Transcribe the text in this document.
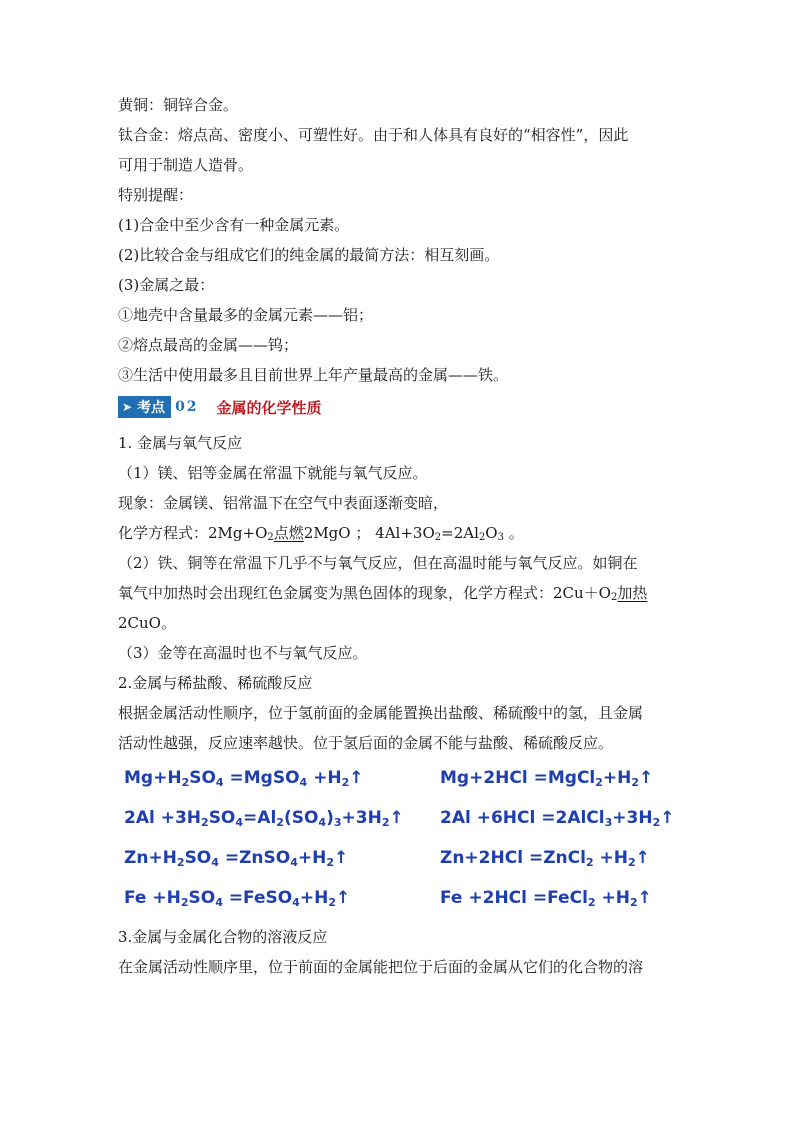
黄铜：铜锌合金。
钛合金：熔点高、密度小、可塑性好。由于和人体具有良好的“相容性”，因此
可用于制造人造骨。
特别提醒：
(1)合金中至少含有一种金属元素。
(2)比较合金与组成它们的纯金属的最简方法：相互刻画。
(3)金属之最：
①地壳中含量最多的金属元素——铝；
②熔点最高的金属——钨；
③生活中使用最多且目前世界上年产量最高的金属——铁。
➤ 考点 02 金属的化学性质
1. 金属与氧气反应
（1）镁、铝等金属在常温下就能与氧气反应。
现象：金属镁、铝常温下在空气中表面逐渐变暗，
化学方程式：$2Mg+O_2$点燃2MgO ； $4Al+3O_2=2Al_2O_3$ 。
（2）铁、铜等在常温下几乎不与氧气反应，但在高温时能与氧气反应。如铜在
氧气中加热时会出现红色金属变为黑色固体的现象，化学方程式：$2Cu+O_2$加热
2CuO。
（3）金等在高温时也不与氧气反应。
2.金属与稀盐酸、稀硫酸反应
根据金属活动性顺序，位于氢前面的金属能置换出盐酸、稀硫酸中的氢，且金属
活动性越强，反应速率越快。位于氢后面的金属不能与盐酸、稀硫酸反应。
$Mg+H_2SO_4$ =MgSO$_4$ $+H_2↑$	$Mg+2HCl =MgCl_2+H_2↑$
$2Al +3H_2SO_4=Al_2(SO_4)_3+3H_2↑$ $2Al +6HCl =2AlCl_3+3H_2↑$
$Zn+H_2SO_4$ $=ZnSO_4+H_2↑$	Zn+2HCl =ZnCl$_2$ $+H_2↑$
$Fe +H_2SO_4$ $=FeSO_4+H_2↑$	Fe +2HCl =FeCl$_2$ $+H_2↑$
3.金属与金属化合物的溶液反应
在金属活动性顺序里，位于前面的金属能把位于后面的金属从它们的化合物的溶
